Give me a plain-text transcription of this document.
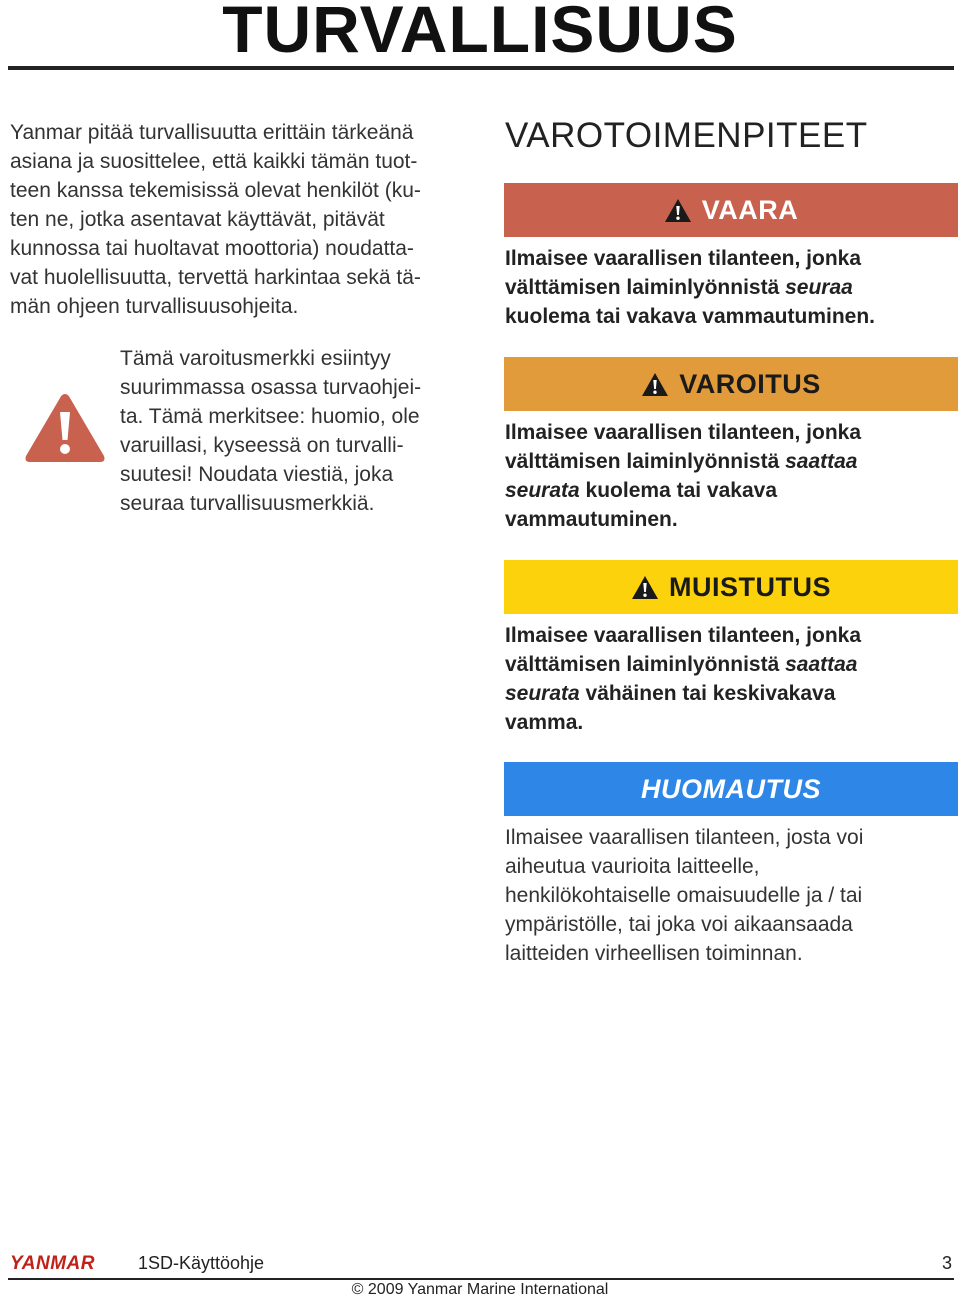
TURVALLISUUS
Yanmar pitää turvallisuutta erittäin tärkeänä
asiana ja suosittelee, että kaikki tämän tuot-
teen kanssa tekemisissä olevat henkilöt (ku-
ten ne, jotka asentavat käyttävät, pitävät
kunnossa tai huoltavat moottoria) noudatta-
vat huolellisuutta, tervettä harkintaa sekä tä-
män ohjeen turvallisuusohjeita.
Tämä varoitusmerkki esiintyy
suurimmassa osassa turvaohjei-
ta. Tämä merkitsee: huomio, ole
varuillasi, kyseessä on turvalli-
suutesi! Noudata viestiä, joka
seuraa turvallisuusmerkkiä.
VAROTOIMENPITEET
VAARA
Ilmaisee vaarallisen tilanteen, jonka
välttämisen laiminlyönnistä seuraa
kuolema tai vakava vammautuminen.
VAROITUS
Ilmaisee vaarallisen tilanteen, jonka
välttämisen laiminlyönnistä saattaa
seurata kuolema tai vakava
vammautuminen.
MUISTUTUS
Ilmaisee vaarallisen tilanteen, jonka
välttämisen laiminlyönnistä saattaa
seurata vähäinen tai keskivakava
vamma.
HUOMAUTUS
Ilmaisee vaarallisen tilanteen, josta voi
aiheutua vaurioita laitteelle,
henkilökohtaiselle omaisuudelle ja / tai
ympäristölle, tai joka voi aikaansaada
laitteiden virheellisen toiminnan.
YANMAR 1SD-Käyttöohje	3
© 2009 Yanmar Marine International
